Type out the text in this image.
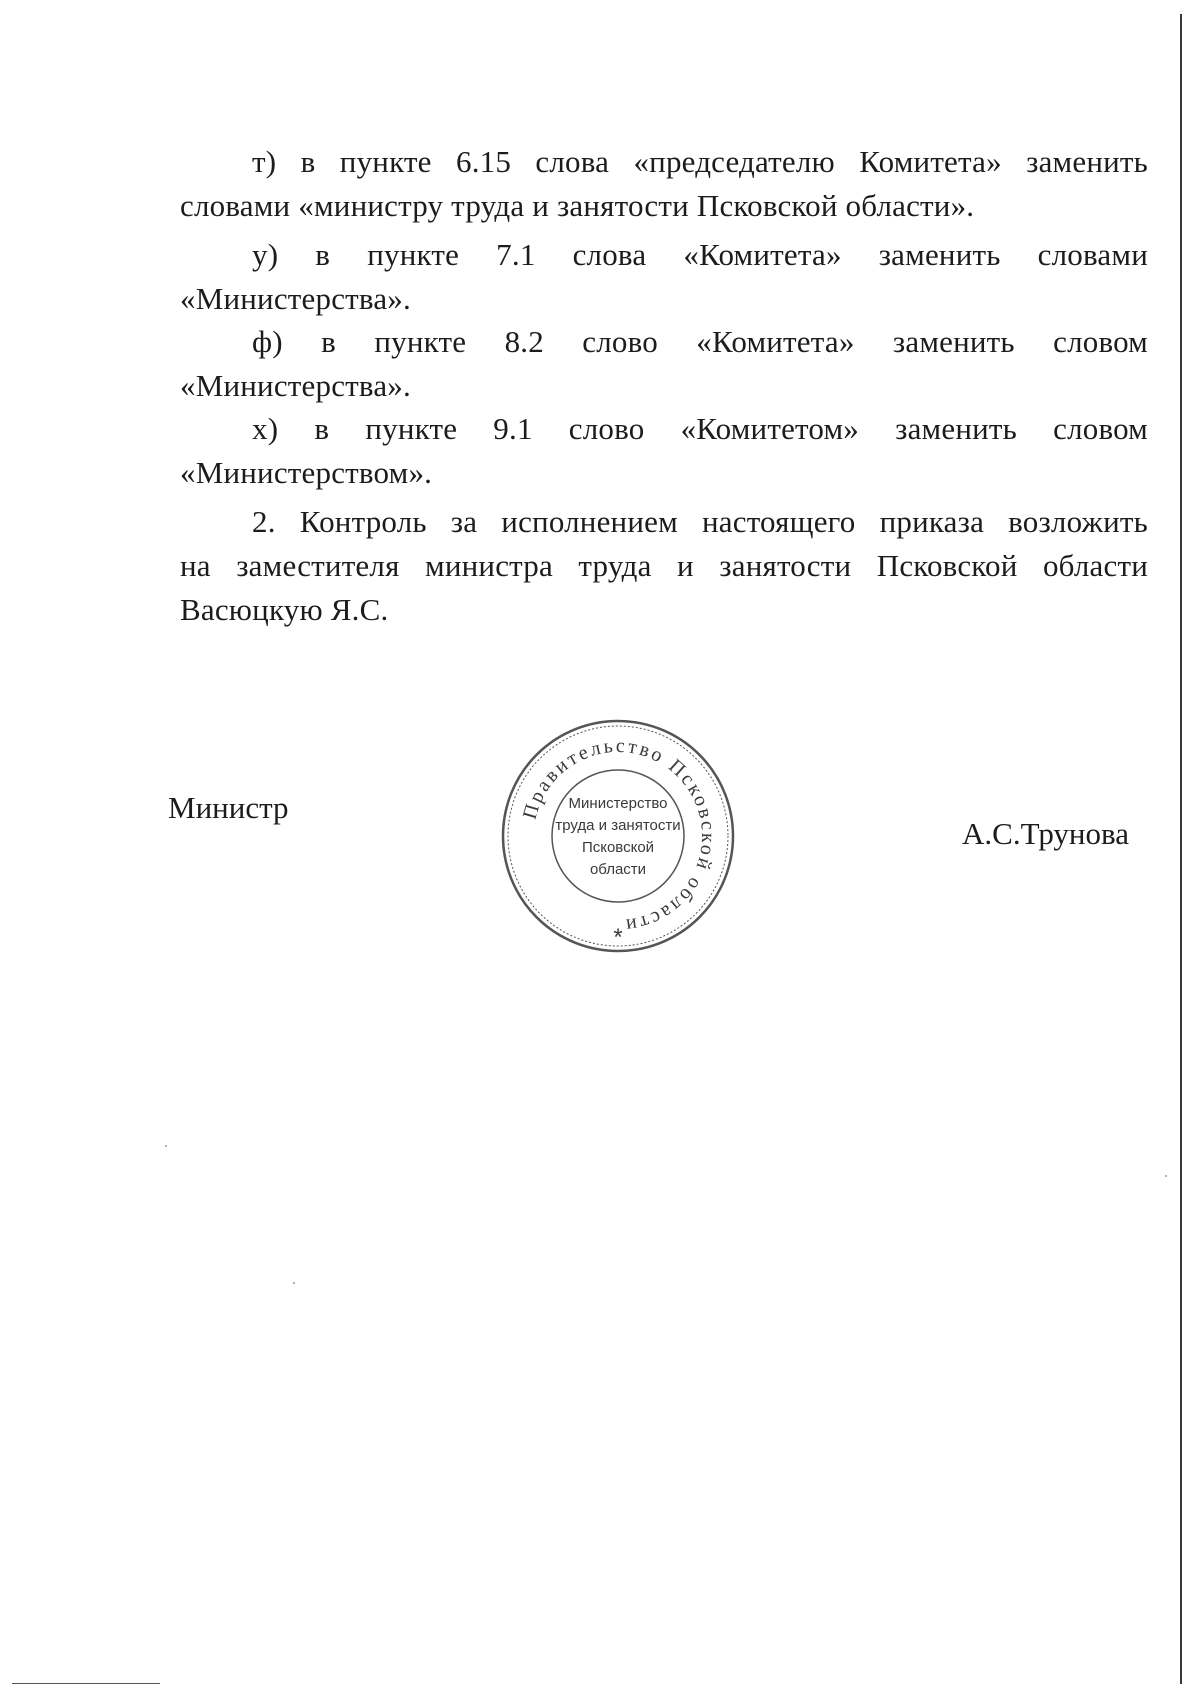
т) в пункте 6.15 слова «председателю Комитета» заменить
словами «министру труда и занятости Псковской области».
у) в пункте 7.1 слова «Комитета» заменить словами
«Министерства».
ф) в пункте 8.2 слово «Комитета» заменить словом
«Министерства».
х) в пункте 9.1 слово «Комитетом» заменить словом
«Министерством».
2. Контроль за исполнением настоящего приказа возложить
на заместителя министра труда и занятости Псковской области
Васюцкую Я.С.
Министр
А.С.Трунова
Правительство Псковской области
Министерство
труда и занятости
Псковской
области
*
